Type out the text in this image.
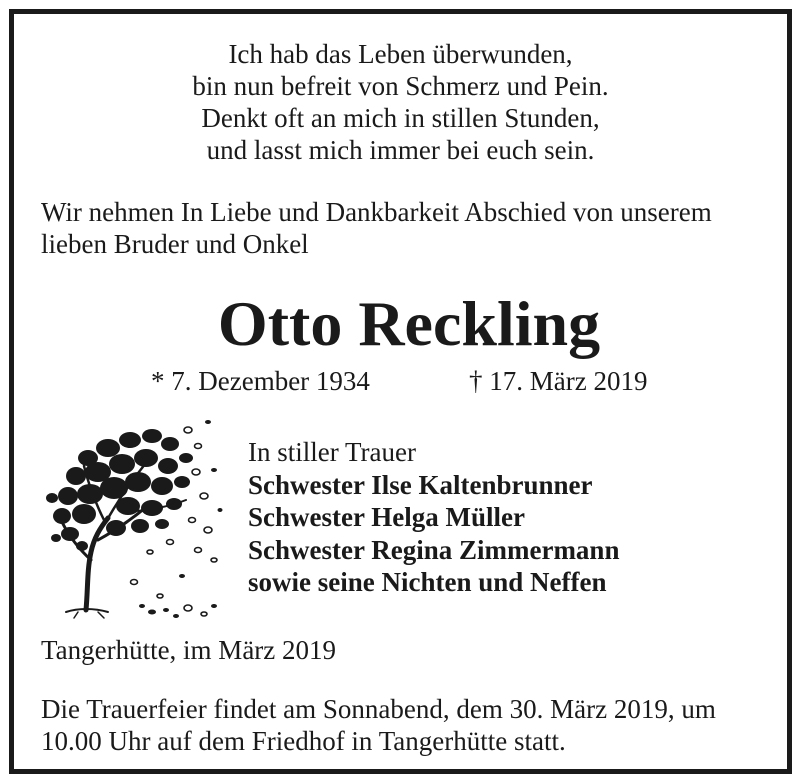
Ich hab das Leben überwunden,
bin nun befreit von Schmerz und Pein.
Denkt oft an mich in stillen Stunden,
und lasst mich immer bei euch sein.
Wir nehmen In Liebe und Dankbarkeit Abschied von unserem
lieben Bruder und Onkel
Otto Reckling
* 7. Dezember 1934	† 17. März 2019
In stiller Trauer
Schwester Ilse Kaltenbrunner
Schwester Helga Müller
Schwester Regina Zimmermann
sowie seine Nichten und Neffen
Tangerhütte, im März 2019
Die Trauerfeier findet am Sonnabend, dem 30. März 2019, um
10.00 Uhr auf dem Friedhof in Tangerhütte statt.
